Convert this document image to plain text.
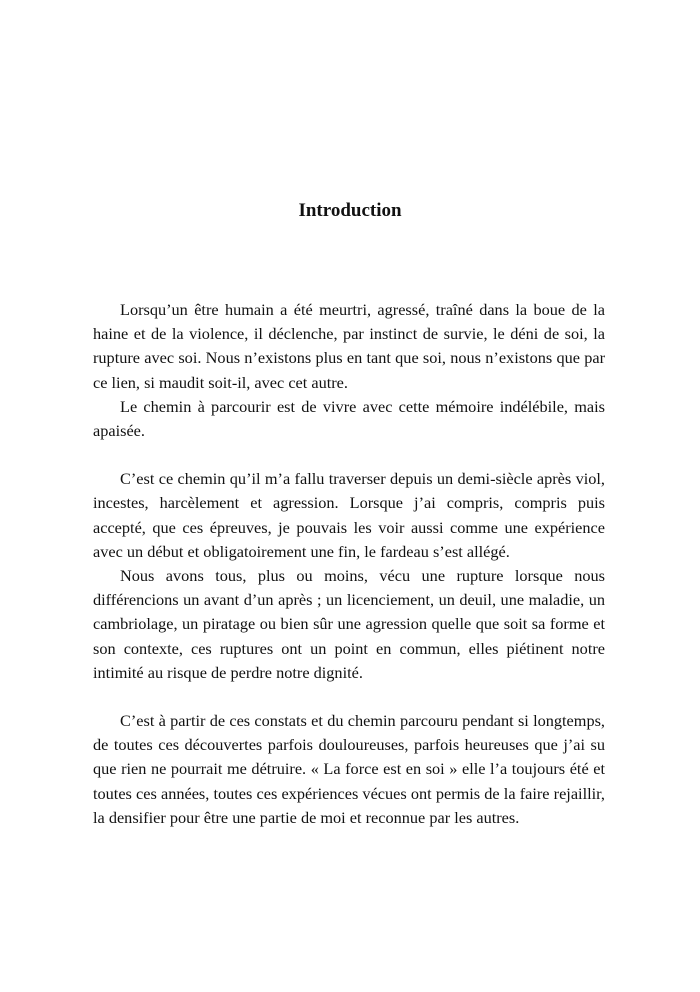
Introduction

Lorsqu’un être humain a été meurtri, agressé, traîné dans la boue de la haine et de la violence, il déclenche, par instinct de survie, le déni de soi, la rupture avec soi. Nous n’existons plus en tant que soi, nous n’existons que par ce lien, si maudit soit-il, avec cet autre.

Le chemin à parcourir est de vivre avec cette mémoire indélébile, mais apaisée.

C’est ce chemin qu’il m’a fallu traverser depuis un demi-siècle après viol, incestes, harcèlement et agression. Lorsque j’ai compris, compris puis accepté, que ces épreuves, je pouvais les voir aussi comme une expérience avec un début et obligatoirement une fin, le fardeau s’est allégé.

Nous avons tous, plus ou moins, vécu une rupture lorsque nous différencions un avant d’un après ; un licenciement, un deuil, une maladie, un cambriolage, un piratage ou bien sûr une agression quelle que soit sa forme et son contexte, ces ruptures ont un point en commun, elles piétinent notre intimité au risque de perdre notre dignité.

C’est à partir de ces constats et du chemin parcouru pendant si longtemps, de toutes ces découvertes parfois douloureuses, parfois heureuses que j’ai su que rien ne pourrait me détruire. « La force est en soi » elle l’a toujours été et toutes ces années, toutes ces expériences vécues ont permis de la faire rejaillir, la densifier pour être une partie de moi et reconnue par les autres.
